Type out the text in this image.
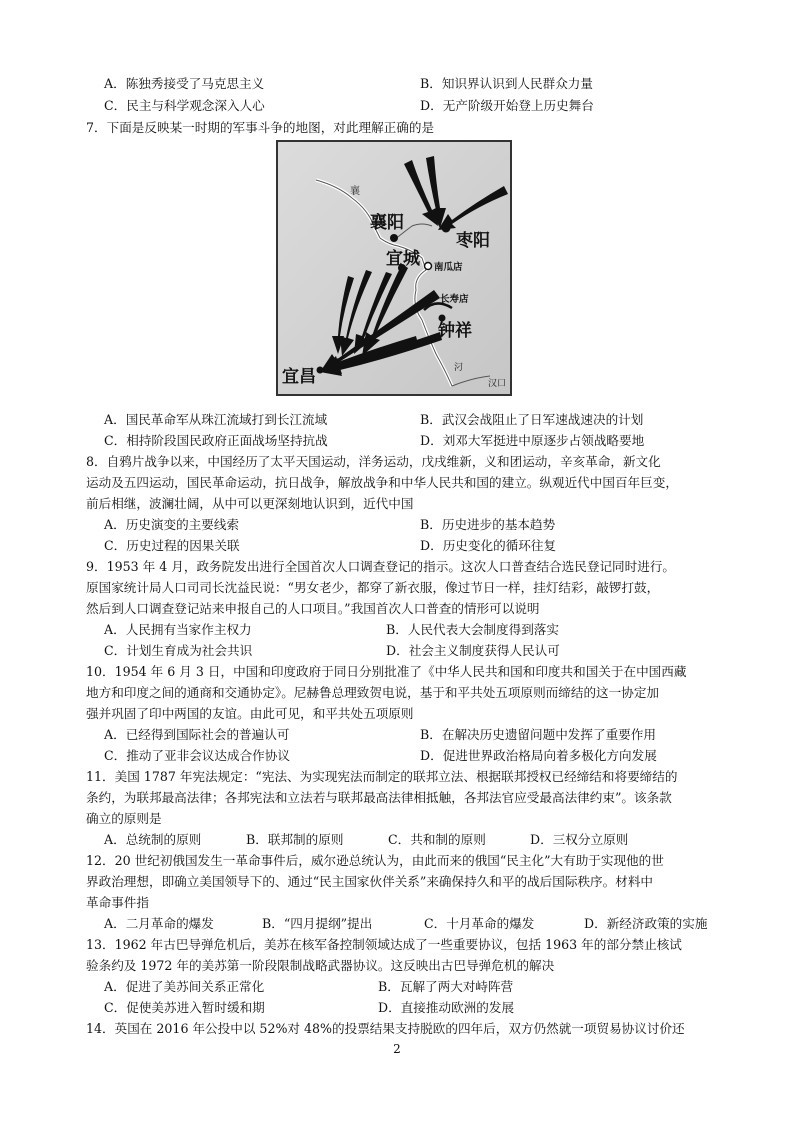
A．陈独秀接受了马克思主义	B．知识界认识到人民群众力量
C．民主与科学观念深入人心	D．无产阶级开始登上历史舞台
7．下面是反映某一时期的军事斗争的地图，对此理解正确的是
襄
襄阳
枣阳
宜城 南瓜店
长寿店
钟祥
宜昌	汈
汉口
A．国民革命军从珠江流域打到长江流域	B．武汉会战阻止了日军速战速决的计划
C．相持阶段国民政府正面战场坚持抗战	D．刘邓大军挺进中原逐步占领战略要地
8．自鸦片战争以来，中国经历了太平天国运动，洋务运动，戊戌维新，义和团运动，辛亥革命，新文化
运动及五四运动，国民革命运动，抗日战争，解放战争和中华人民共和国的建立。纵观近代中国百年巨变，
前后相继，波澜壮阔，从中可以更深刻地认识到，近代中国
A．历史演变的主要线索	B．历史进步的基本趋势
C．历史过程的因果关联	D．历史变化的循环往复
9．1953 年 4 月，政务院发出进行全国首次人口调查登记的指示。这次人口普查结合选民登记同时进行。
原国家统计局人口司司长沈益民说：“男女老少，都穿了新衣服，像过节日一样，挂灯结彩，敲锣打鼓，
然后到人口调查登记站来申报自己的人口项目。”我国首次人口普查的情形可以说明
A．人民拥有当家作主权力	B．人民代表大会制度得到落实
C．计划生育成为社会共识	D．社会主义制度获得人民认可
10．1954 年 6 月 3 日，中国和印度政府于同日分别批准了《中华人民共和国和印度共和国关于在中国西藏
地方和印度之间的通商和交通协定》。尼赫鲁总理致贺电说，基于和平共处五项原则而缔结的这一协定加
强并巩固了印中两国的友谊。由此可见，和平共处五项原则
A．已经得到国际社会的普遍认可	B．在解决历史遗留问题中发挥了重要作用
C．推动了亚非会议达成合作协议	D．促进世界政治格局向着多极化方向发展
11．美国 1787 年宪法规定：“宪法、为实现宪法而制定的联邦立法、根据联邦授权已经缔结和将要缔结的
条约，为联邦最高法律；各邦宪法和立法若与联邦最高法律相抵触，各邦法官应受最高法律约束”。该条款
确立的原则是
A．总统制的原则	B．联邦制的原则	C．共和制的原则	D．三权分立原则
12．20 世纪初俄国发生一革命事件后，威尔逊总统认为，由此而来的俄国“民主化”大有助于实现他的世
界政治理想，即确立美国领导下的、通过“民主国家伙伴关系”来确保持久和平的战后国际秩序。材料中
革命事件指
A．二月革命的爆发	B．“四月提纲”提出	C．十月革命的爆发	D．新经济政策的实施
13．1962 年古巴导弹危机后，美苏在核军备控制领域达成了一些重要协议，包括 1963 年的部分禁止核试
验条约及 1972 年的美苏第一阶段限制战略武器协议。这反映出古巴导弹危机的解决
A．促进了美苏间关系正常化	B．瓦解了两大对峙阵营
C．促使美苏进入暂时缓和期	D．直接推动欧洲的发展
14．英国在 2016 年公投中以 52%对 48%的投票结果支持脱欧的四年后，双方仍然就一项贸易协议讨价还
2
